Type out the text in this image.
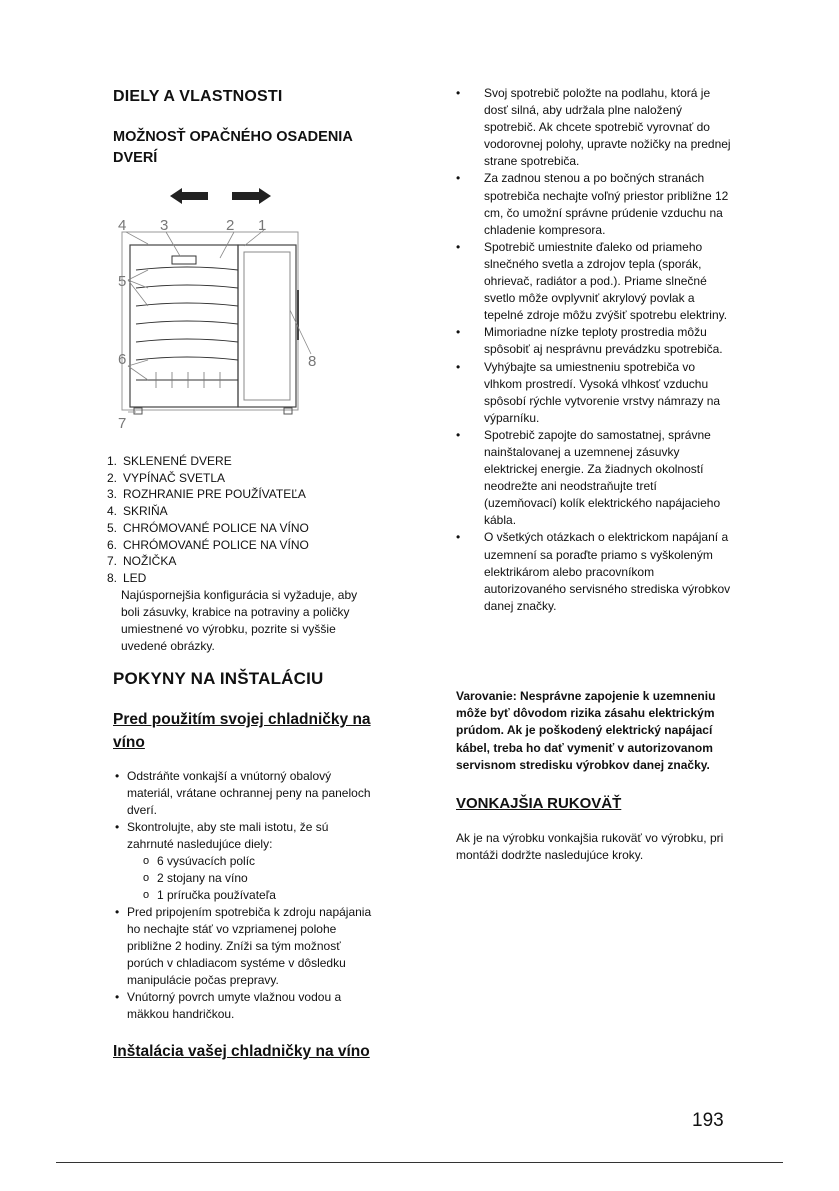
DIELY A VLASTNOSTI
MOŽNOSŤ OPAČNÉHO OSADENIA DVERÍ
4 3	2 1
5
6
7
8
1. SKLENENÉ DVERE
2. VYPÍNAČ SVETLA
3. ROZHRANIE PRE POUŽÍVATEĽA
4. SKRIŇA
5. CHRÓMOVANÉ POLICE NA VÍNO
6. CHRÓMOVANÉ POLICE NA VÍNO
7. NOŽIČKA
8. LED
Najúspornejšia konfigurácia si vyžaduje, aby boli zásuvky, krabice na potraviny a poličky umiestnené vo výrobku, pozrite si vyššie uvedené obrázky.
POKYNY NA INŠTALÁCIU
Pred použitím svojej chladničky na víno
• Odstráňte vonkajší a vnútorný obalový materiál, vrátane ochrannej peny na paneloch dverí.
• Skontrolujte, aby ste mali istotu, že sú zahrnuté nasledujúce diely:
o 6 vysúvacích políc
o 2 stojany na víno
o 1 príručka používateľa
• Pred pripojením spotrebiča k zdroju napájania ho nechajte stáť vo vzpriamenej polohe približne 2 hodiny. Zníži sa tým možnosť porúch v chladiacom systéme v dôsledku manipulácie počas prepravy.
• Vnútorný povrch umyte vlažnou vodou a mäkkou handričkou.
Inštalácia vašej chladničky na víno
• Svoj spotrebič položte na podlahu, ktorá je dosť silná, aby udržala plne naložený spotrebič. Ak chcete spotrebič vyrovnať do vodorovnej polohy, upravte nožičky na prednej strane spotrebiča.
• Za zadnou stenou a po bočných stranách spotrebiča nechajte voľný priestor približne 12 cm, čo umožní správne prúdenie vzduchu na chladenie kompresora.
• Spotrebič umiestnite ďaleko od priameho slnečného svetla a zdrojov tepla (sporák, ohrievač, radiátor a pod.). Priame slnečné svetlo môže ovplyvniť akrylový povlak a tepelné zdroje môžu zvýšiť spotrebu elektriny.
• Mimoriadne nízke teploty prostredia môžu spôsobiť aj nesprávnu prevádzku spotrebiča.
• Vyhýbajte sa umiestneniu spotrebiča vo vlhkom prostredí. Vysoká vlhkosť vzduchu spôsobí rýchle vytvorenie vrstvy námrazy na výparníku.
• Spotrebič zapojte do samostatnej, správne nainštalovanej a uzemnenej zásuvky elektrickej energie. Za žiadnych okolností neodrežte ani neodstraňujte tretí (uzemňovací) kolík elektrického napájacieho kábla.
• O všetkých otázkach o elektrickom napájaní a uzemnení sa poraďte priamo s vyškoleným elektrikárom alebo pracovníkom autorizovaného servisného strediska výrobkov danej značky.
Varovanie: Nesprávne zapojenie k uzemneniu môže byť dôvodom rizika zásahu elektrickým prúdom. Ak je poškodený elektrický napájací kábel, treba ho dať vymeniť v autorizovanom servisnom stredisku výrobkov danej značky.
VONKAJŠIA RUKOVÄŤ
Ak je na výrobku vonkajšia rukoväť vo výrobku, pri montáži dodržte nasledujúce kroky.
193
